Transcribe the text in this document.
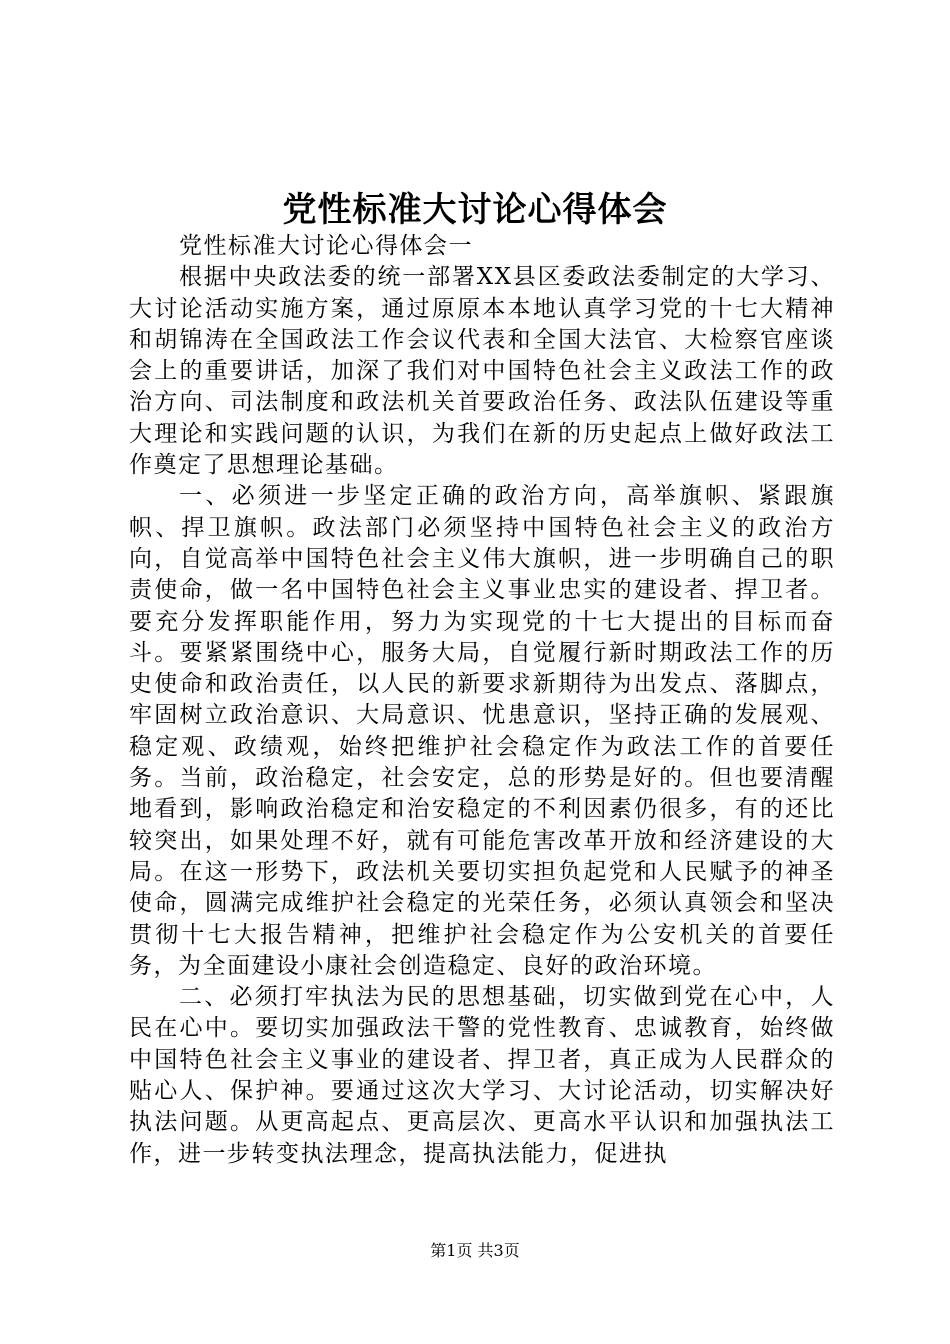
党性标准大讨论心得体会

党性标准大讨论心得体会一

根据中央政法委的统一部署XX县区委政法委制定的大学习、大讨论活动实施方案，通过原原本本地认真学习党的十七大精神和胡锦涛在全国政法工作会议代表和全国大法官、大检察官座谈会上的重要讲话，加深了我们对中国特色社会主义政法工作的政治方向、司法制度和政法机关首要政治任务、政法队伍建设等重大理论和实践问题的认识，为我们在新的历史起点上做好政法工作奠定了思想理论基础。

一、必须进一步坚定正确的政治方向，高举旗帜、紧跟旗帜、捍卫旗帜。政法部门必须坚持中国特色社会主义的政治方向，自觉高举中国特色社会主义伟大旗帜，进一步明确自己的职责使命，做一名中国特色社会主义事业忠实的建设者、捍卫者。要充分发挥职能作用，努力为实现党的十七大提出的目标而奋斗。要紧紧围绕中心，服务大局，自觉履行新时期政法工作的历史使命和政治责任，以人民的新要求新期待为出发点、落脚点，牢固树立政治意识、大局意识、忧患意识，坚持正确的发展观、稳定观、政绩观，始终把维护社会稳定作为政法工作的首要任务。当前，政治稳定，社会安定，总的形势是好的。但也要清醒地看到，影响政治稳定和治安稳定的不利因素仍很多，有的还比较突出，如果处理不好，就有可能危害改革开放和经济建设的大局。在这一形势下，政法机关要切实担负起党和人民赋予的神圣使命，圆满完成维护社会稳定的光荣任务，必须认真领会和坚决贯彻十七大报告精神，把维护社会稳定作为公安机关的首要任务，为全面建设小康社会创造稳定、良好的政治环境。

二、必须打牢执法为民的思想基础，切实做到党在心中，人民在心中。要切实加强政法干警的党性教育、忠诚教育，始终做中国特色社会主义事业的建设者、捍卫者，真正成为人民群众的贴心人、保护神。要通过这次大学习、大讨论活动，切实解决好执法问题。从更高起点、更高层次、更高水平认识和加强执法工作，进一步转变执法理念，提高执法能力，促进执

第1页 共3页
